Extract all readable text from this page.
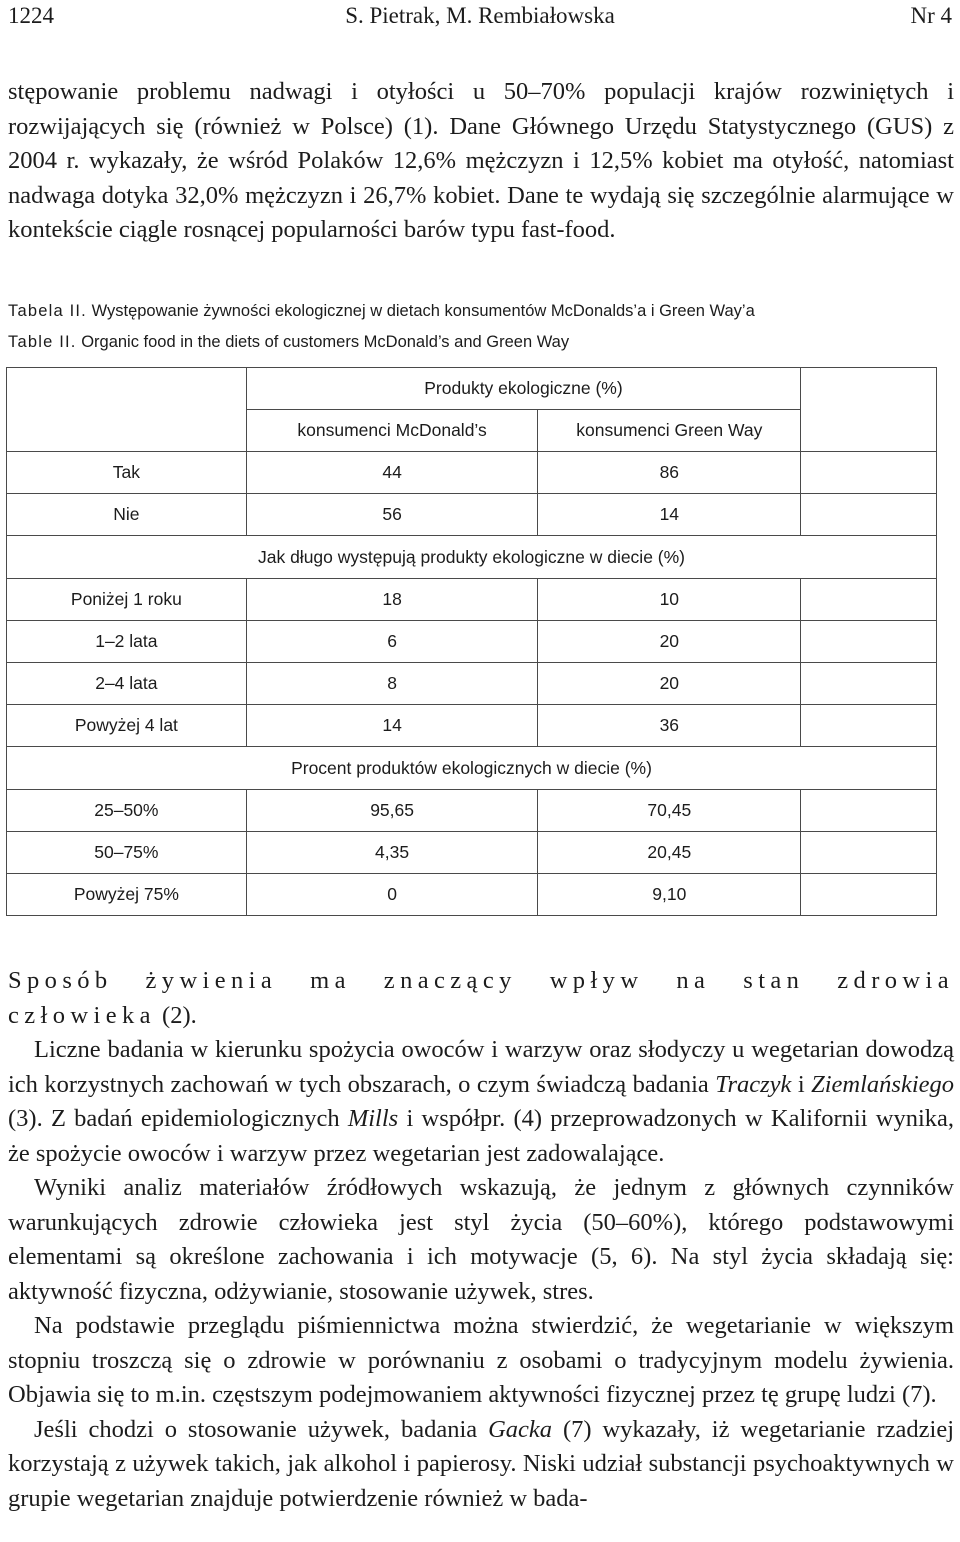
1224	S. Pietrak, M. Rembiałowska	Nr 4

stępowanie problemu nadwagi i otyłości u 50–70% populacji krajów rozwiniętych i rozwijających się (również w Polsce) (1). Dane Głównego Urzędu Statystycznego (GUS) z 2004 r. wykazały, że wśród Polaków 12,6% mężczyzn i 12,5% kobiet ma otyłość, natomiast nadwaga dotyka 32,0% mężczyzn i 26,7% kobiet. Dane te wydają się szczególnie alarmujące w kontekście ciągle rosnącej popularności barów typu fast-food.

Tabela II. Występowanie żywności ekologicznej w dietach konsumentów McDonalds’a i Green Way’a
Table II. Organic food in the diets of customers McDonald’s and Green Way
	Produkty ekologiczne (%)		
	konsumenci McDonald’s	konsumenci Green Way	
Tak	44	86	
Nie	56	14	
Jak długo występują produkty ekologiczne w diecie (%)			
Poniżej 1 roku	18	10	
1–2 lata	6	20	
2–4 lata	8	20	
Powyżej 4 lat	14	36	
Procent produktów ekologicznych w diecie (%)			
25–50%	95,65	70,45	
50–75%	4,35	20,45	
Powyżej 75%	0	9,10	

Sposób żywienia ma znaczący wpływ na stan zdrowia człowieka (2).

Liczne badania w kierunku spożycia owoców i warzyw oraz słodyczy u wegetarian dowodzą ich korzystnych zachowań w tych obszarach, o czym świadczą badania Traczyk i Ziemlańskiego (3). Z badań epidemiologicznych Mills i współpr. (4) przeprowadzonych w Kalifornii wynika, że spożycie owoców i warzyw przez wegetarian jest zadowalające.

Wyniki analiz materiałów źródłowych wskazują, że jednym z głównych czynników warunkujących zdrowie człowieka jest styl życia (50–60%), którego podstawowymi elementami są określone zachowania i ich motywacje (5, 6). Na styl życia składają się: aktywność fizyczna, odżywianie, stosowanie używek, stres.

Na podstawie przeglądu piśmiennictwa można stwierdzić, że wegetarianie w większym stopniu troszczą się o zdrowie w porównaniu z osobami o tradycyjnym modelu żywienia. Objawia się to m.in. częstszym podejmowaniem aktywności fizycznej przez tę grupę ludzi (7).

Jeśli chodzi o stosowanie używek, badania Gacka (7) wykazały, iż wegetarianie rzadziej korzystają z używek takich, jak alkohol i papierosy. Niski udział substancji psychoaktywnych w grupie wegetarian znajduje potwierdzenie również w bada-
